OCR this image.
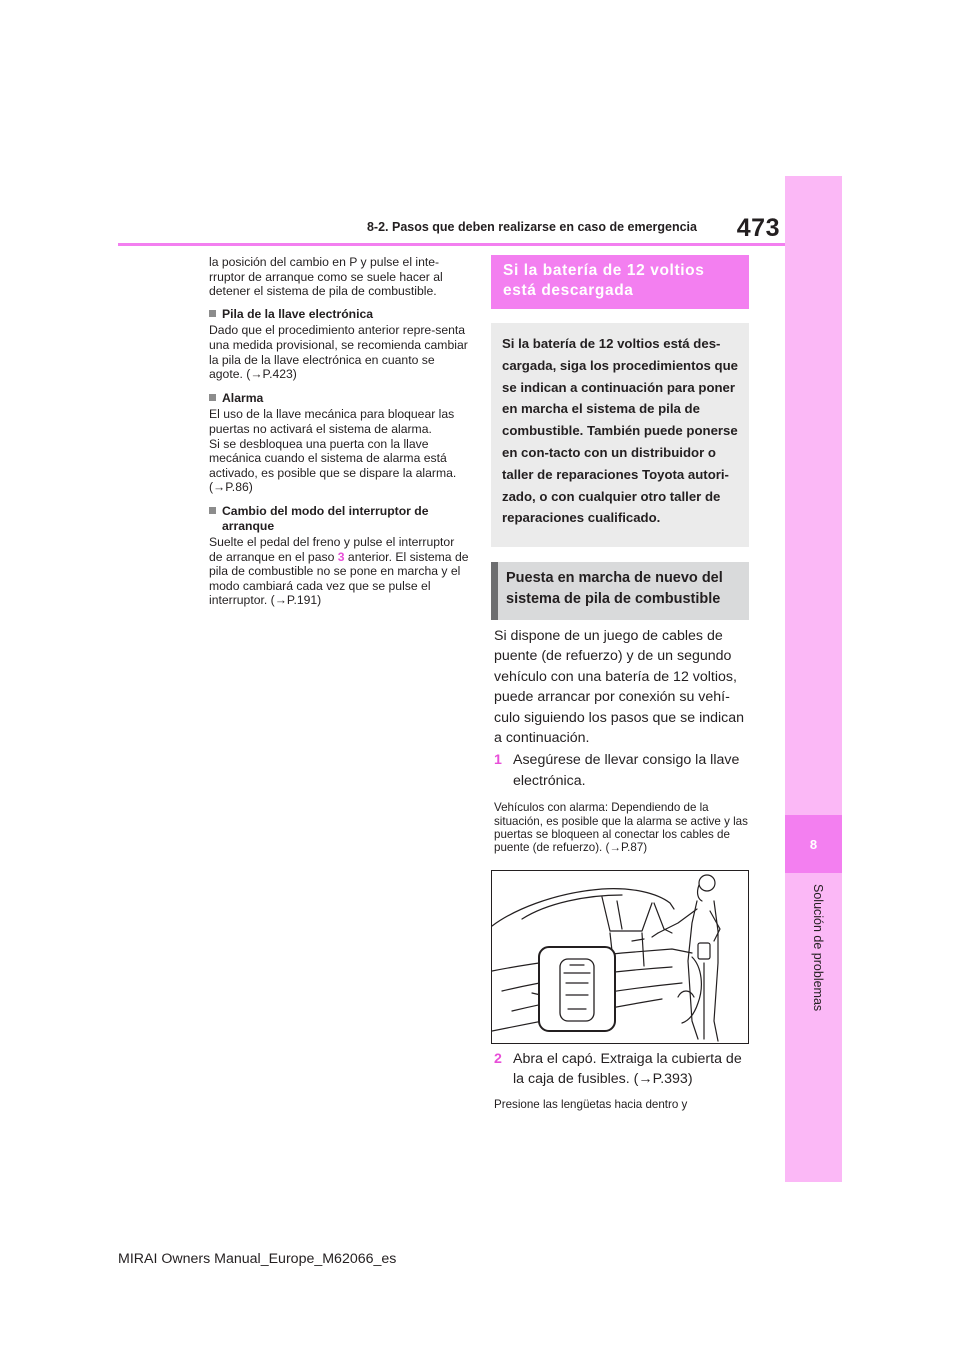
473
8-2. Pasos que deben realizarse en caso de emergencia
8
Solución de problemas

la posición del cambio en P y pulse el inte-rruptor de arranque como se suele hacer al detener el sistema de pila de combustible.

Pila de la llave electrónica
Dado que el procedimiento anterior repre-senta una medida provisional, se recomienda cambiar la pila de la llave electrónica en cuanto se agote. (→P.423)
Alarma
El uso de la llave mecánica para bloquear las puertas no activará el sistema de alarma.
Si se desbloquea una puerta con la llave mecánica cuando el sistema de alarma está activado, es posible que se dispare la alarma. (→P.86)
Cambio del modo del interruptor de arranque
Suelte el pedal del freno y pulse el interruptor de arranque en el paso 3 anterior. El sistema de pila de combustible no se pone en marcha y el modo cambiará cada vez que se pulse el interruptor. (→P.191)
Si la batería de 12 voltios está descargada
Si la batería de 12 voltios está des-cargada, siga los procedimientos que se indican a continuación para poner en marcha el sistema de pila de combustible. También puede ponerse en con-tacto con un distribuidor o taller de reparaciones Toyota autori-zado, o con cualquier otro taller de reparaciones cualificado.
Puesta en marcha de nuevo del sistema de pila de combustible
Si dispone de un juego de cables de puente (de refuerzo) y de un segundo vehículo con una batería de 12 voltios, puede arrancar por conexión su vehí-culo siguiendo los pasos que se indican a continuación.
1 Asegúrese de llevar consigo la llave electrónica.
Vehículos con alarma: Dependiendo de la situación, es posible que la alarma se active y las puertas se bloqueen al conectar los cables de puente (de refuerzo). (→P.87)
2 Abra el capó. Extraiga la cubierta de la caja de fusibles. (→P.393)
Presione las lengüetas hacia dentro y
MIRAI Owners Manual_Europe_M62066_es
